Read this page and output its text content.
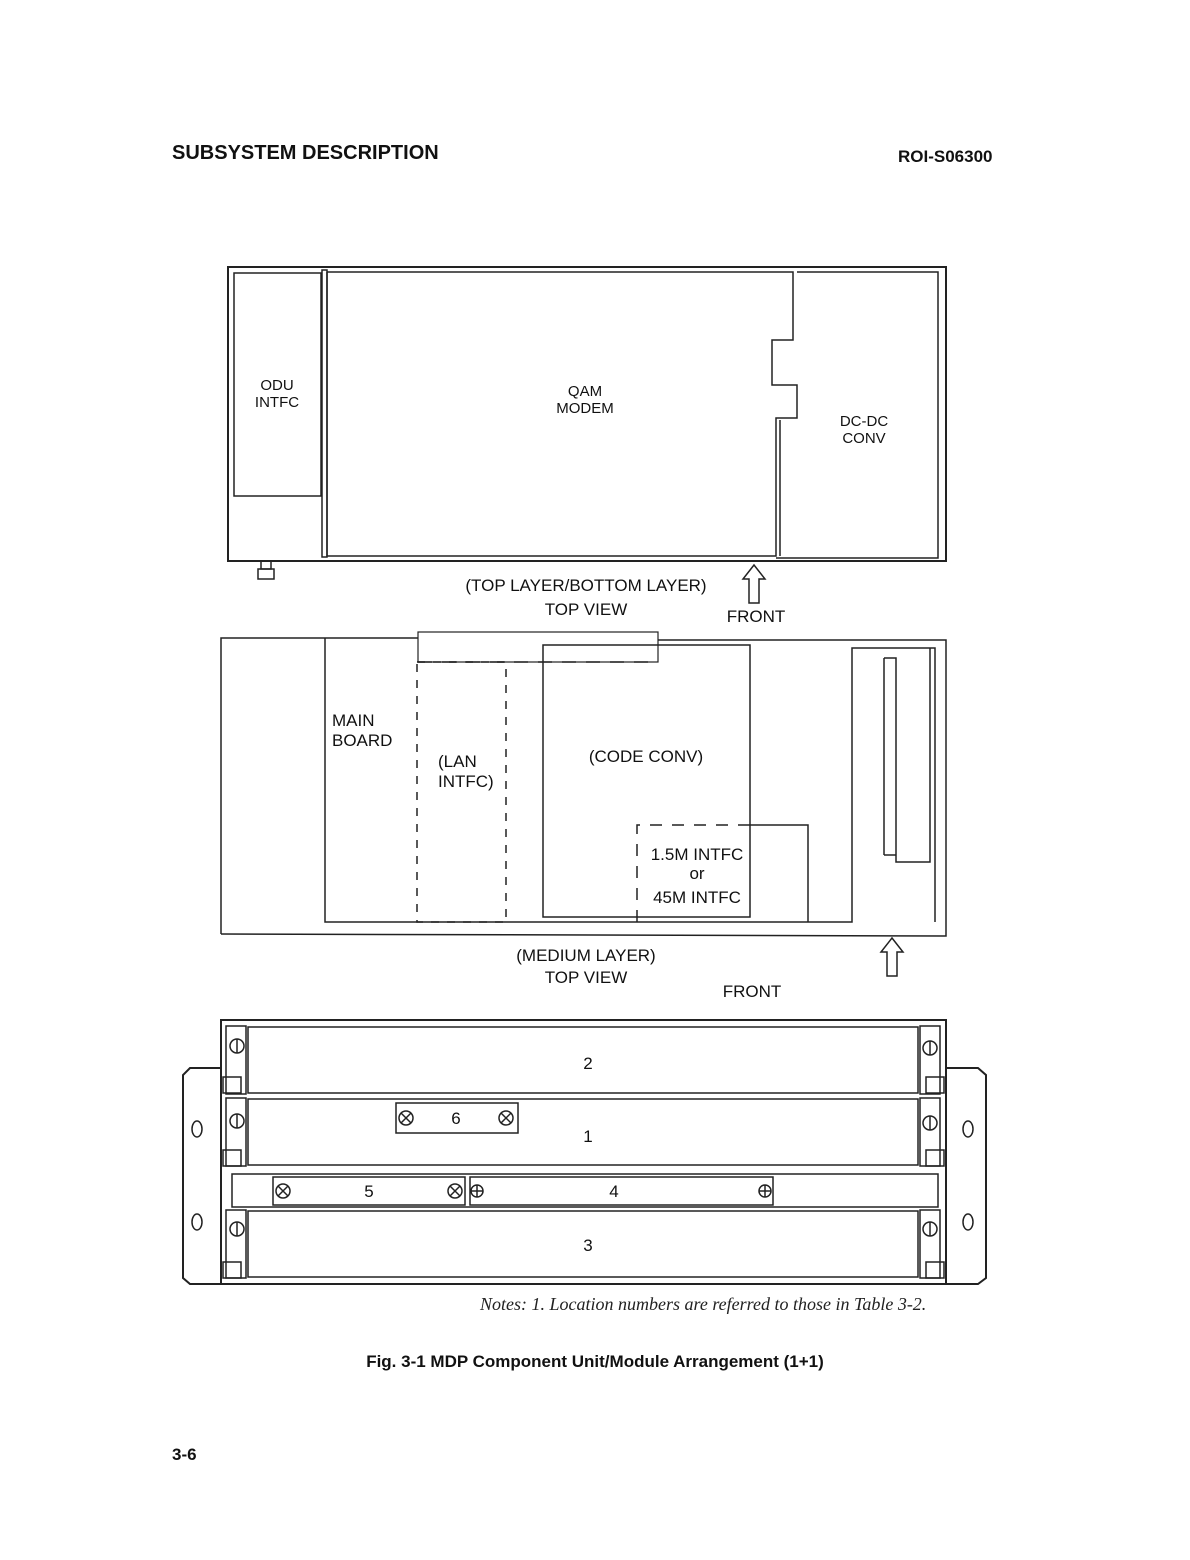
SUBSYSTEM DESCRIPTION	ROI-S06300
ODU
INTFC
QAM
MODEM
DC-DC
CONV
(TOP LAYER/BOTTOM LAYER)
TOP VIEW	FRONT
MAIN
BOARD
(LAN
INTFC)
(CODE CONV)
1.5M INTFC
or
45M INTFC
(MEDIUM LAYER)
TOP VIEW
FRONT
2
1
6
5	4
3
Notes: 1. Location numbers are referred to those in Table 3-2.
Fig. 3-1 MDP Component Unit/Module Arrangement (1+1)
3-6
